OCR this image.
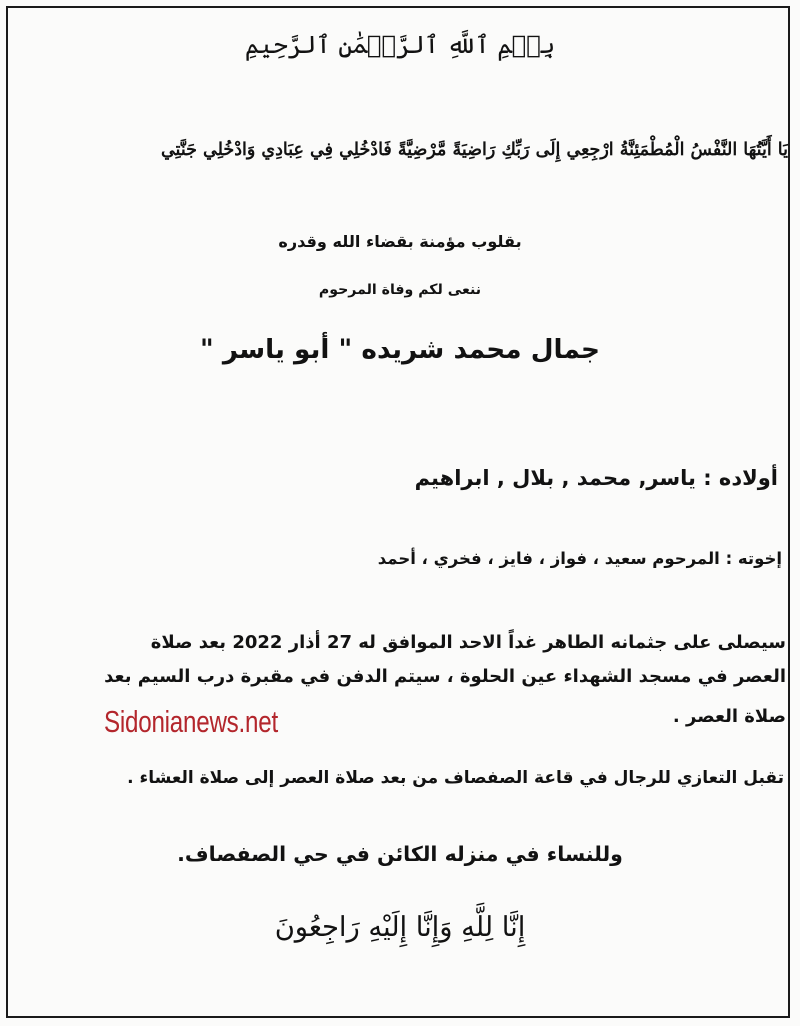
بِسۡمِ ٱللَّهِ ٱلرَّحۡمَٰنِ ٱلرَّحِيمِ
يَا أَيَّتُهَا النَّفْسُ الْمُطْمَئِنَّةُ ارْجِعِي إِلَى رَبِّكِ رَاضِيَةً مَّرْضِيَّةً فَادْخُلِي فِي عِبَادِي وَادْخُلِي جَنَّتِي
بقلوب مؤمنة بقضاء الله وقدره
ننعى لكم وفاة المرحوم
جمال محمد شريده " أبو ياسر "
أولاده : ياسر, محمد , بلال , ابراهيم
إخوته : المرحوم سعيد ، فواز ، فايز ، فخري ، أحمد
سيصلى على جثمانه الطاهر غداً الاحد الموافق له 27 أذار 2022 بعد صلاة
العصر في مسجد الشهداء عين الحلوة ، سيتم الدفن في مقبرة درب السيم بعد
صلاة العصر .
تقبل التعازي للرجال في قاعة الصفصاف من بعد صلاة العصر إلى صلاة العشاء .
وللنساء في منزله الكائن في حي الصفصاف.
إِنَّا لِلَّهِ وَإِنَّا إِلَيْهِ رَاجِعُونَ
Sidonianews.net
